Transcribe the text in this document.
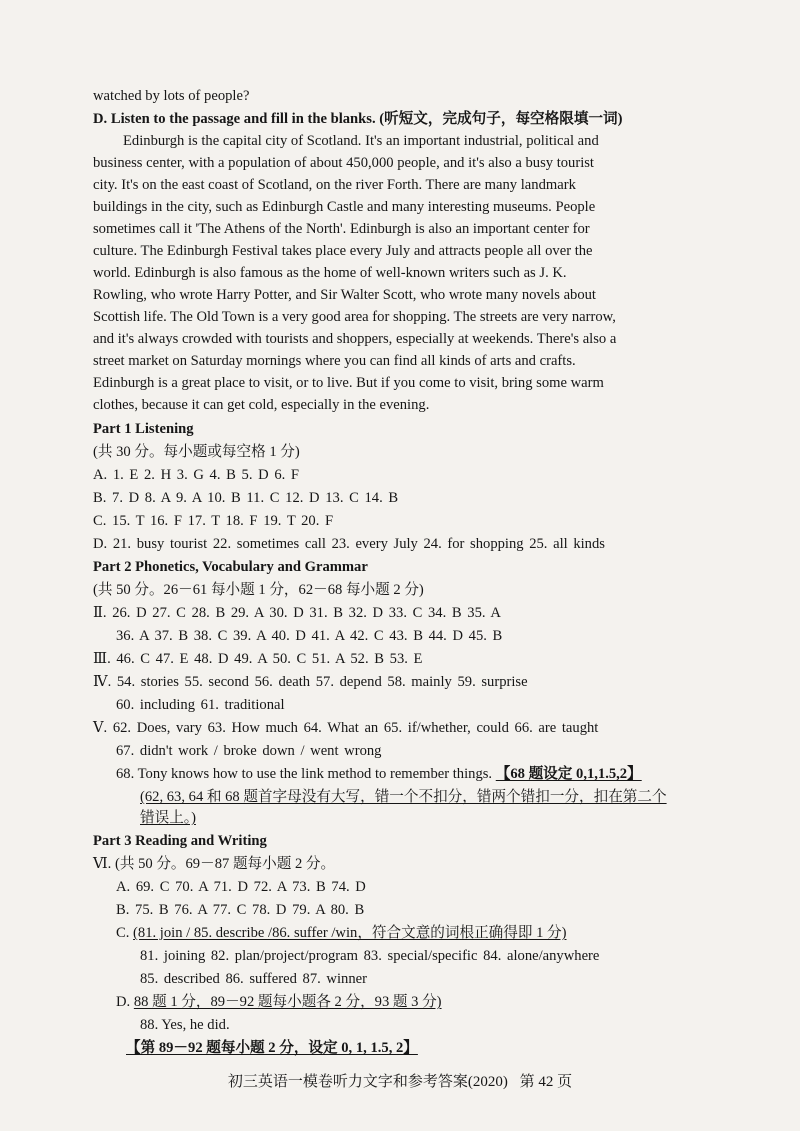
watched by lots of people?
D. Listen to the passage and fill in the blanks. (听短文，完成句子，每空格限填一词)
Edinburgh is the capital city of Scotland. It's an important industrial, political and
business center, with a population of about 450,000 people, and it's also a busy tourist
city. It's on the east coast of Scotland, on the river Forth. There are many landmark
buildings in the city, such as Edinburgh Castle and many interesting museums. People
sometimes call it 'The Athens of the North'. Edinburgh is also an important center for
culture. The Edinburgh Festival takes place every July and attracts people all over the
world. Edinburgh is also famous as the home of well-known writers such as J. K.
Rowling, who wrote Harry Potter, and Sir Walter Scott, who wrote many novels about
Scottish life. The Old Town is a very good area for shopping. The streets are very narrow,
and it's always crowded with tourists and shoppers, especially at weekends. There's also a
street market on Saturday mornings where you can find all kinds of arts and crafts.
Edinburgh is a great place to visit, or to live. But if you come to visit, bring some warm
clothes, because it can get cold, especially in the evening.
Part 1 Listening
(共 30 分。每小题或每空格 1 分)
A. 1. E 2. H 3. G 4. B 5. D 6. F
B. 7. D 8. A 9. A 10. B 11. C 12. D 13. C 14. B
C. 15. T 16. F 17. T 18. F 19. T 20. F
D. 21. busy tourist 22. sometimes call 23. every July 24. for shopping 25. all kinds
Part 2 Phonetics, Vocabulary and Grammar
(共 50 分。26－61 每小题 1 分，62－68 每小题 2 分)
Ⅱ. 26. D 27. C 28. B 29. A 30. D 31. B 32. D 33. C 34. B 35. A
36. A 37. B 38. C 39. A 40. D 41. A 42. C 43. B 44. D 45. B
Ⅲ. 46. C 47. E 48. D 49. A 50. C 51. A 52. B 53. E
Ⅳ. 54. stories 55. second 56. death 57. depend 58. mainly 59. surprise
60. including 61. traditional
Ⅴ. 62. Does, vary 63. How much 64. What an 65. if/whether, could 66. are taught
67. didn't work / broke down / went wrong
68. Tony knows how to use the link method to remember things. 【68 题设定 0,1,1.5,2】
(62, 63, 64 和 68 题首字母没有大写，错一个不扣分，错两个错扣一分，扣在第二个
错误上。)
Part 3 Reading and Writing
Ⅵ. (共 50 分。69－87 题每小题 2 分。
A. 69. C 70. A 71. D 72. A 73. B 74. D
B. 75. B 76. A 77. C 78. D 79. A 80. B
C. (81. join / 85. describe /86. suffer /win，符合文意的词根正确得即 1 分)
81. joining 82. plan/project/program 83. special/specific 84. alone/anywhere
85. described 86. suffered 87. winner
D. 88 题 1 分，89－92 题每小题各 2 分，93 题 3 分)
88. Yes, he did.
【第 89－92 题每小题 2 分，设定 0, 1, 1.5, 2】
初三英语一模卷听力文字和参考答案(2020) 第 42 页
